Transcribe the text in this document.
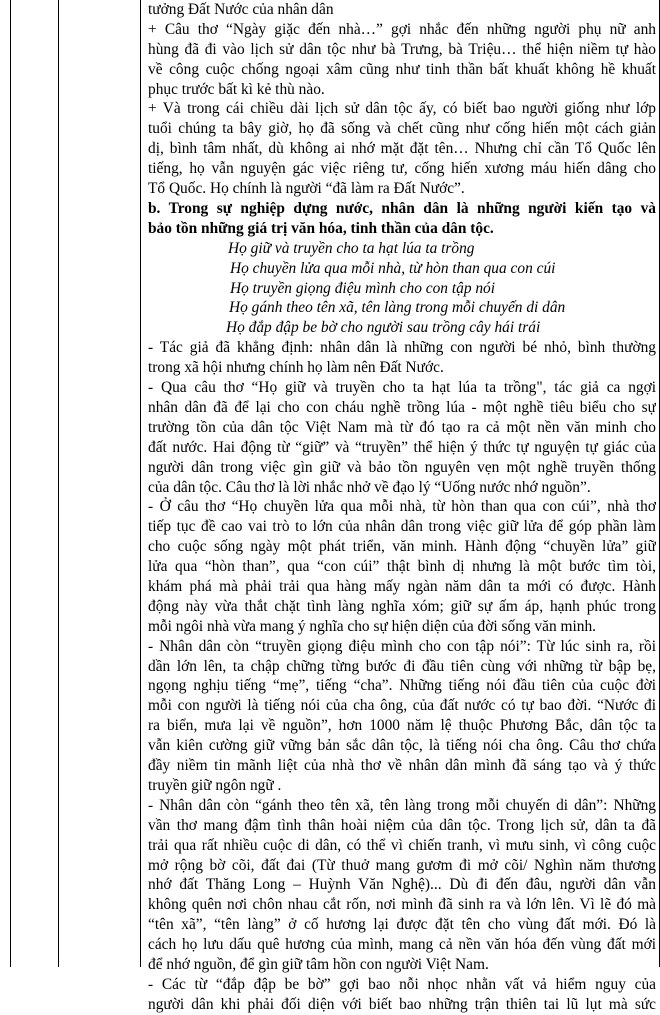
tưởng Đất Nước của nhân dân
+ Câu thơ “Ngày giặc đến nhà…” gợi nhắc đến những người phụ nữ anh
hùng đã đi vào lịch sử dân tộc như bà Trưng, bà Triệu… thể hiện niềm tự hào
về công cuộc chống ngoại xâm cũng như tinh thần bất khuất không hề khuất
phục trước bất kì kẻ thù nào.
+ Và trong cái chiều dài lịch sử dân tộc ấy, có biết bao người giống như lớp
tuổi chúng ta bây giờ, họ đã sống và chết cũng như cống hiến một cách giản
dị, bình tâm nhất, dù không ai nhớ mặt đặt tên… Nhưng chỉ cần Tổ Quốc lên
tiếng, họ vẫn nguyện gác việc riêng tư, cống hiến xương máu hiến dâng cho
Tổ Quốc. Họ chính là người “đã làm ra Đất Nước”.
b. Trong sự nghiệp dựng nước, nhân dân là những người kiến tạo và
bảo tồn những giá trị văn hóa, tinh thần của dân tộc.
Họ giữ và truyền cho ta hạt lúa ta trồng
Họ chuyền lửa qua mỗi nhà, từ hòn than qua con cúi
Họ truyền giọng điệu mình cho con tập nói
Họ gánh theo tên xã, tên làng trong mỗi chuyến di dân
Họ đắp đập be bờ cho người sau trồng cây hái trái
- Tác giả đã khẳng định: nhân dân là những con người bé nhỏ, bình thường
trong xã hội nhưng chính họ làm nên Đất Nước.
- Qua câu thơ “Họ giữ và truyền cho ta hạt lúa ta trồng", tác giả ca ngợi
nhân dân đã để lại cho con cháu nghề trồng lúa - một nghề tiêu biểu cho sự
trường tồn của dân tộc Việt Nam mà từ đó tạo ra cả một nền văn minh cho
đất nước. Hai động từ “giữ” và “truyền” thể hiện ý thức tự nguyện tự giác của
người dân trong việc gìn giữ và bảo tồn nguyên vẹn một nghề truyền thống
của dân tộc. Câu thơ là lời nhắc nhở về đạo lý “Uống nước nhớ nguồn”.
- Ở câu thơ “Họ chuyền lửa qua mỗi nhà, từ hòn than qua con cúi”, nhà thơ
tiếp tục đề cao vai trò to lớn của nhân dân trong việc giữ lửa để góp phần làm
cho cuộc sống ngày một phát triển, văn minh. Hành động “chuyền lửa” giữ
lửa qua “hòn than”, qua “con cúi” thật bình dị nhưng là một bước tìm tòi,
khám phá mà phải trải qua hàng mấy ngàn năm dân ta mới có được. Hành
động này vừa thắt chặt tình làng nghĩa xóm; giữ sự ấm áp, hạnh phúc trong
mỗi ngôi nhà vừa mang ý nghĩa cho sự hiện diện của đời sống văn minh.
- Nhân dân còn “truyền giọng điệu mình cho con tập nói”: Từ lúc sinh ra, rồi
dần lớn lên, ta chập chững từng bước đi đầu tiên cùng với những từ bập bẹ,
ngọng nghịu tiếng “mẹ”, tiếng “cha”. Những tiếng nói đầu tiên của cuộc đời
mỗi con người là tiếng nói của cha ông, của đất nước có tự bao đời. “Nước đi
ra biển, mưa lại về nguồn”, hơn 1000 năm lệ thuộc Phương Bắc, dân tộc ta
vẫn kiên cường giữ vững bản sắc dân tộc, là tiếng nói cha ông. Câu thơ chứa
đầy niềm tin mãnh liệt của nhà thơ về nhân dân mình đã sáng tạo và ý thức
truyền giữ ngôn ngữ .
- Nhân dân còn “gánh theo tên xã, tên làng trong mỗi chuyến di dân”: Những
vần thơ mang đậm tình thân hoài niệm của dân tộc. Trong lịch sử, dân ta đã
trải qua rất nhiều cuộc di dân, có thể vì chiến tranh, vì mưu sinh, vì công cuộc
mở rộng bờ cõi, đất đai (Từ thuở mang gươm đi mở cõi/ Nghìn năm thương
nhớ đất Thăng Long – Huỳnh Văn Nghệ)... Dù đi đến đâu, người dân vẫn
không quên nơi chôn nhau cắt rốn, nơi mình đã sinh ra và lớn lên. Vì lẽ đó mà
“tên xã”, “tên làng” ở cố hương lại được đặt tên cho vùng đất mới. Đó là
cách họ lưu dấu quê hương của mình, mang cả nền văn hóa đến vùng đất mới
để nhớ nguồn, để gìn giữ tâm hồn con người Việt Nam.
- Các từ “đắp đập be bờ” gợi bao nỗi nhọc nhằn vất vả hiểm nguy của
người dân khi phải đối diện với biết bao những trận thiên tai lũ lụt mà sức
